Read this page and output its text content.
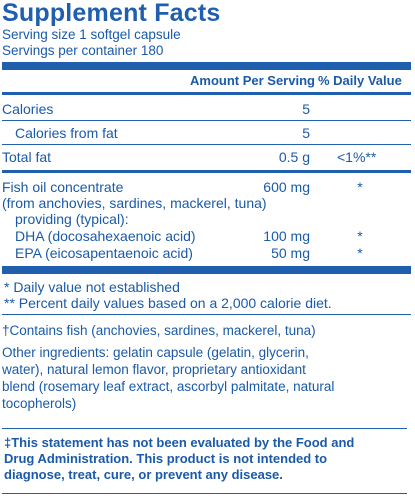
Supplement Facts
Serving size 1 softgel capsule
Servings per container 180
Amount Per Serving % Daily Value
Calories	5
Calories from fat	5
Total fat	0.5 g <1%**
Fish oil concentrate	600 mg	*
(from anchovies, sardines, mackerel, tuna)
providing (typical):
DHA (docosahexaenoic acid)	100 mg	*
EPA (eicosapentaenoic acid)	50 mg	*
* Daily value not established
** Percent daily values based on a 2,000 calorie diet.
†Contains fish (anchovies, sardines, mackerel, tuna)
Other ingredients: gelatin capsule (gelatin, glycerin,
water), natural lemon flavor, proprietary antioxidant
blend (rosemary leaf extract, ascorbyl palmitate, natural
tocopherols)
‡This statement has not been evaluated by the Food and
Drug Administration. This product is not intended to
diagnose, treat, cure, or prevent any disease.
